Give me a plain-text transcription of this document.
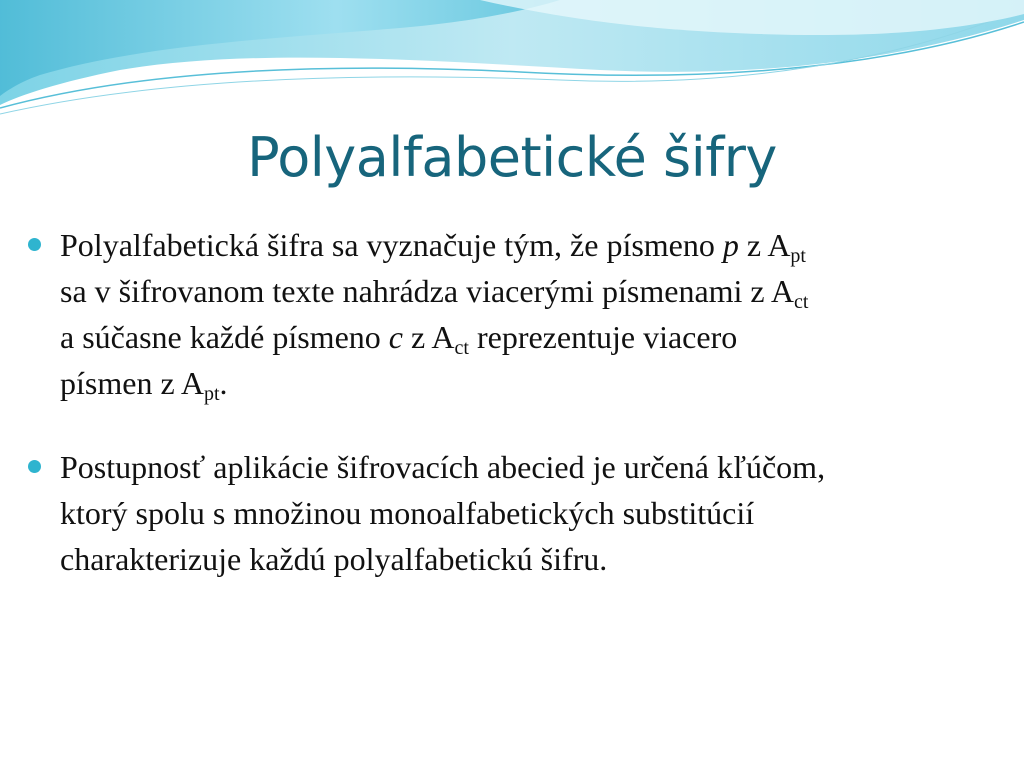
Polyalfabetické šifry
Polyalfabetická šifra sa vyznačuje tým, že písmeno p z $A_{pt}$
sa v šifrovanom texte nahrádza viacerými písmenami z $A_{ct}$
a súčasne každé písmeno c z $A_{ct}$ reprezentuje viacero
písmen z $A_{pt}$.
Postupnosť aplikácie šifrovacích abecied je určená kľúčom,
ktorý spolu s množinou monoalfabetických substitúcií
charakterizuje každú polyalfabetickú šifru.
